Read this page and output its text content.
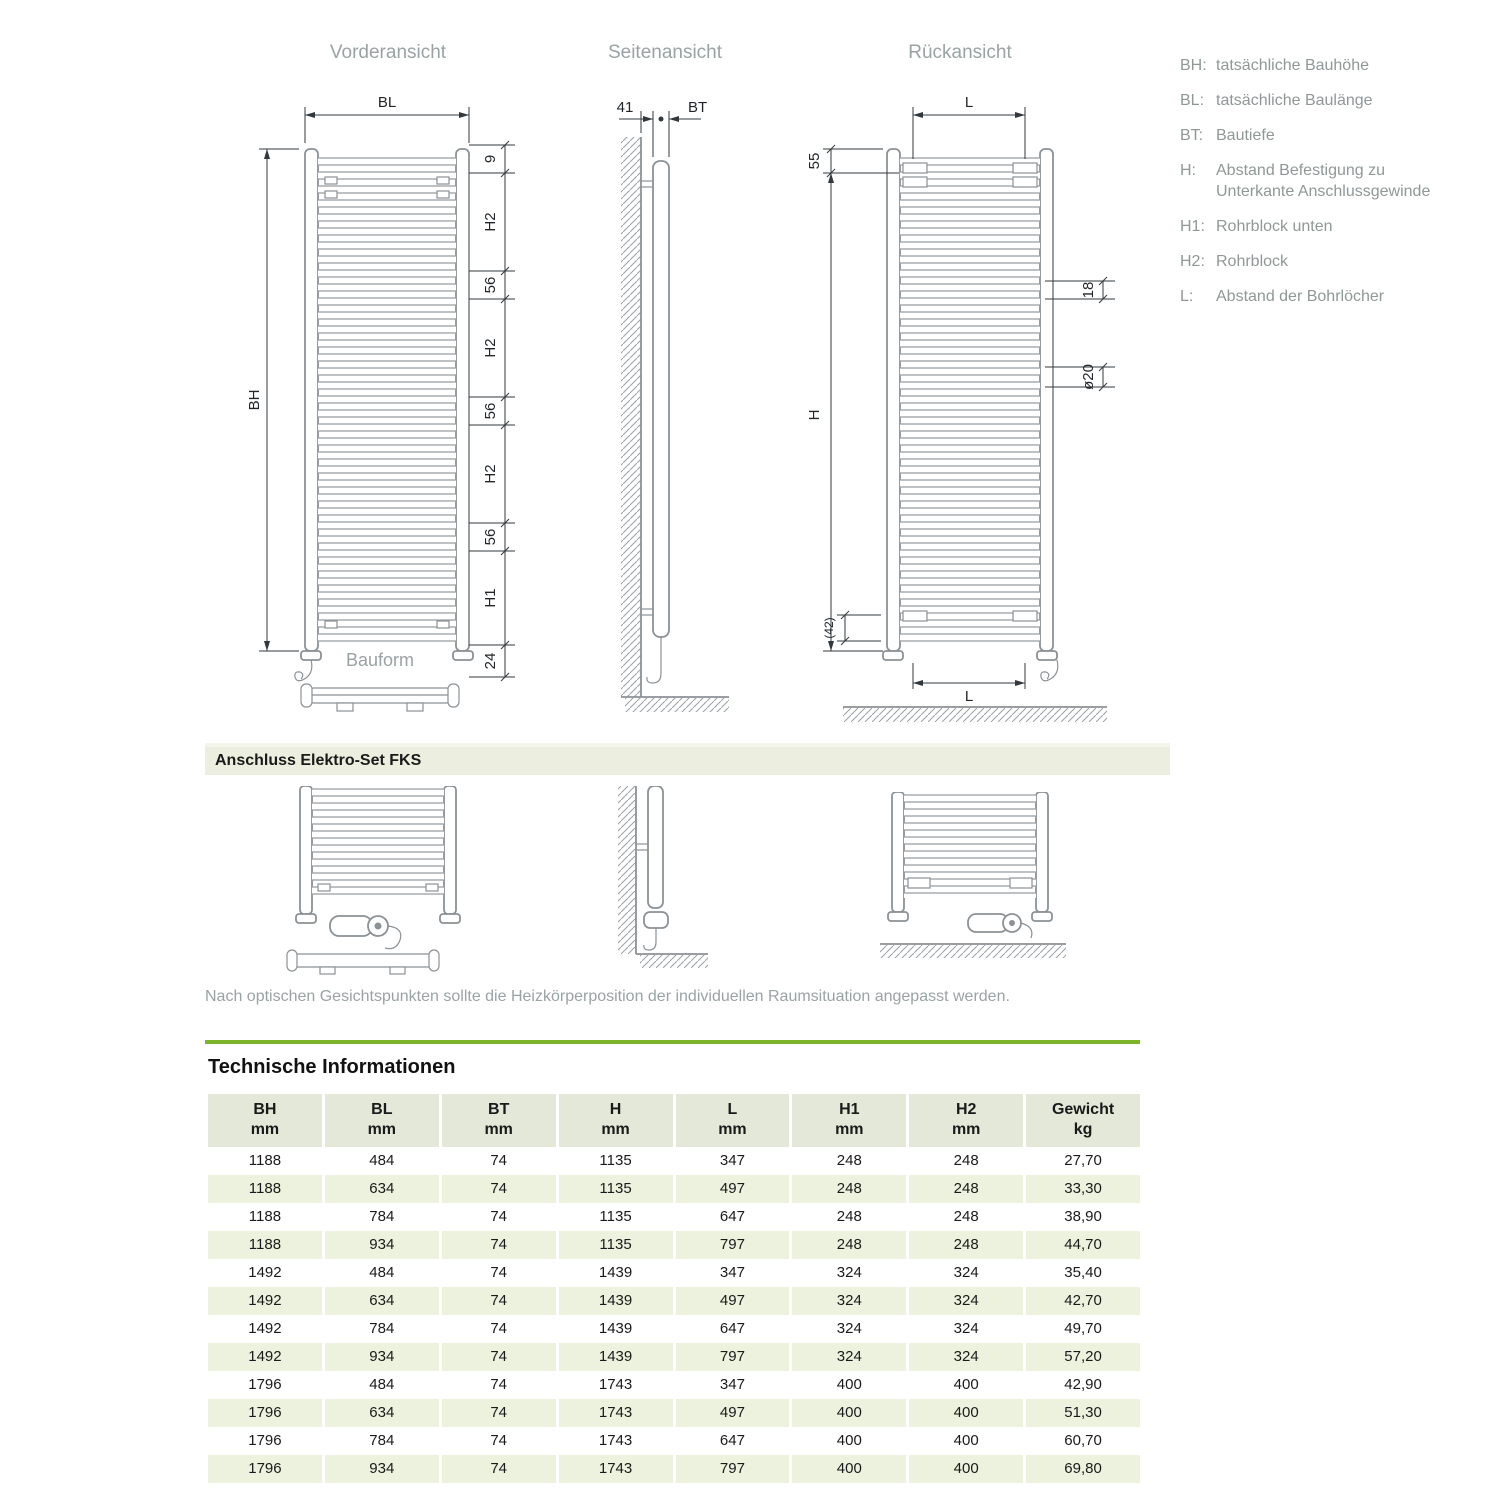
Vorderansicht	Seitenansicht	Rückansicht
BH: tatsächliche Bauhöhe
BL: tatsächliche Baulänge
BT: Bautiefe
H:	Abstand Befestigung zu Unterkante Anschlussgewinde
H1: Rohrblock unten
H2: Rohrblock
L:	Abstand der Bohrlöcher
BL
BH
9
H2
56
H2
56
H2
56
H1
24
41	BT	L
55
H
18
ø20
(42)
L
Bauform
Anschluss Elektro-Set FKS
Nach optischen Gesichtspunkten sollte die Heizkörperposition der individuellen Raumsituation angepasst werden.
Technische Informationen
BH	BL	BT	H	L	H1	H2	Gewicht
mm	mm	mm	mm	mm	mm	mm	kg
1188	484	74	1135	347	248	248	27,70
1188	634	74	1135	497	248	248	33,30
1188	784	74	1135	647	248	248	38,90
1188	934	74	1135	797	248	248	44,70
1492	484	74	1439	347	324	324	35,40
1492	634	74	1439	497	324	324	42,70
1492	784	74	1439	647	324	324	49,70
1492	934	74	1439	797	324	324	57,20
1796	484	74	1743	347	400	400	42,90
1796	634	74	1743	497	400	400	51,30
1796	784	74	1743	647	400	400	60,70
1796	934	74	1743	797	400	400	69,80
